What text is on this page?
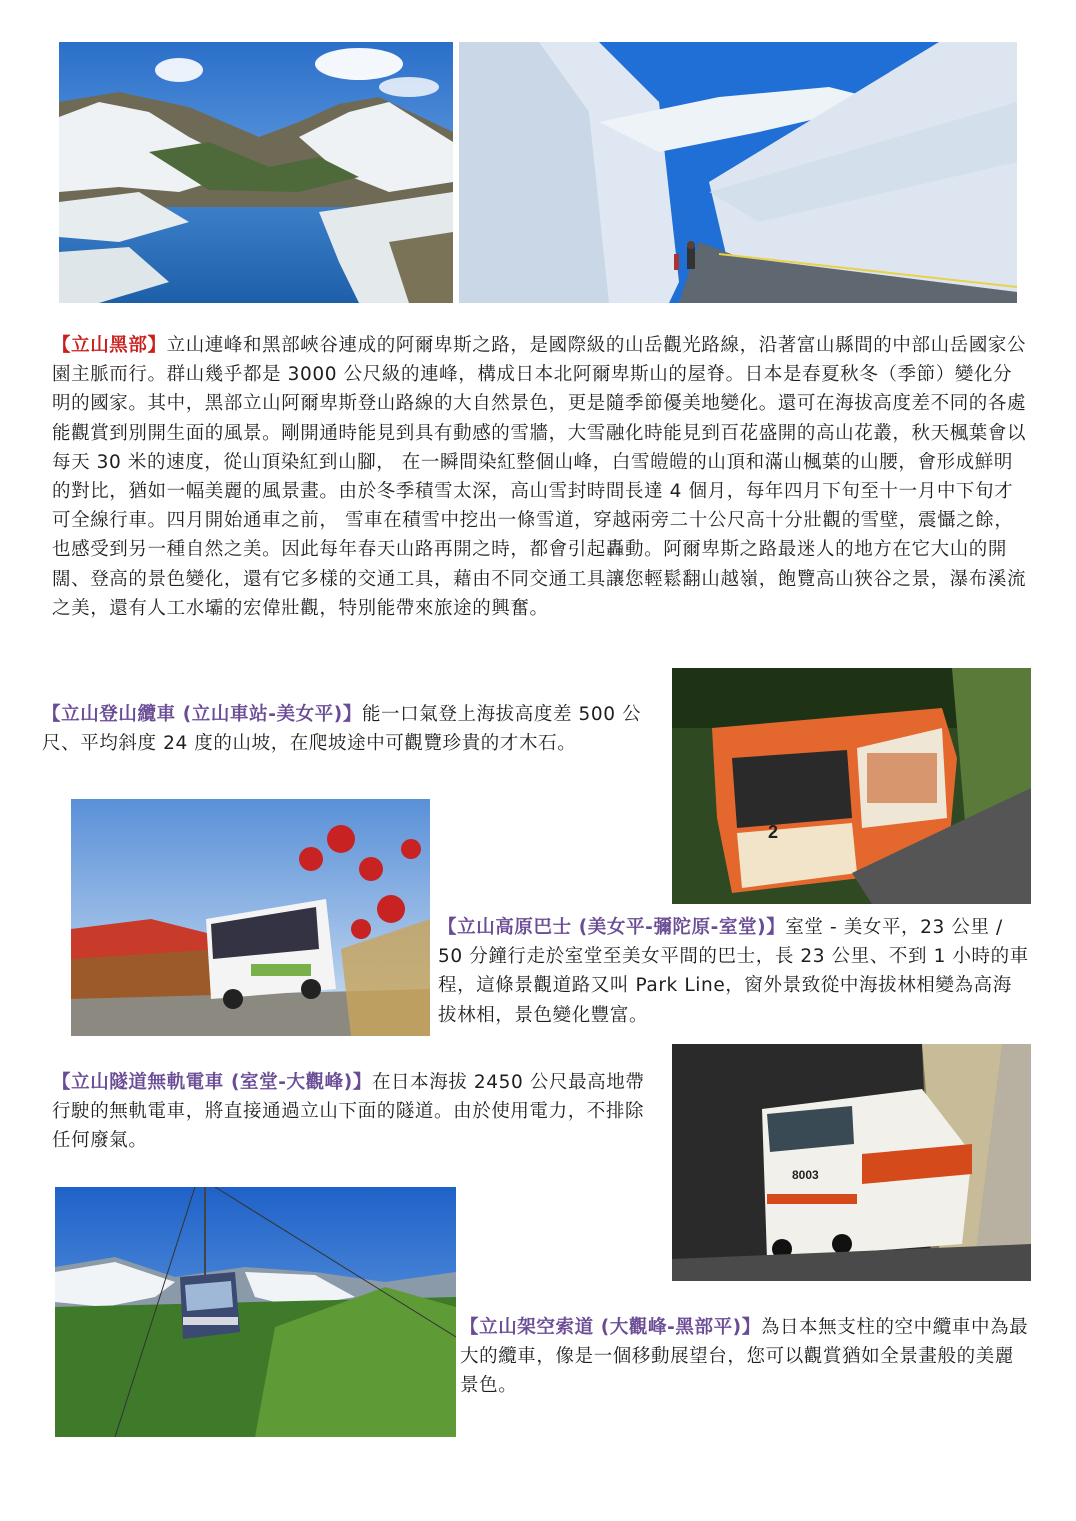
【立山黑部】立山連峰和黑部峽谷連成的阿爾卑斯之路，是國際級的山岳觀光路線，沿著富山縣間的中部山岳國家公園主脈而行。群山幾乎都是 3000 公尺級的連峰，構成日本北阿爾卑斯山的屋脊。日本是春夏秋冬（季節）變化分明的國家。其中，黑部立山阿爾卑斯登山路線的大自然景色，更是隨季節優美地變化。還可在海拔高度差不同的各處能觀賞到別開生面的風景。剛開通時能見到具有動感的雪牆，大雪融化時能見到百花盛開的高山花叢，秋天楓葉會以每天 30 米的速度，從山頂染紅到山腳， 在一瞬間染紅整個山峰，白雪皚皚的山頂和滿山楓葉的山腰，會形成鮮明的對比，猶如一幅美麗的風景畫。由於冬季積雪太深，高山雪封時間長達 4 個月，每年四月下旬至十一月中下旬才可全線行車。四月開始通車之前， 雪車在積雪中挖出一條雪道，穿越兩旁二十公尺高十分壯觀的雪壁，震懾之餘，也感受到另一種自然之美。因此每年春天山路再開之時，都會引起轟動。阿爾卑斯之路最迷人的地方在它大山的開闊、登高的景色變化，還有它多樣的交通工具，藉由不同交通工具讓您輕鬆翻山越嶺，飽覽高山狹谷之景，瀑布溪流之美，還有人工水壩的宏偉壯觀，特別能帶來旅途的興奮。
【立山登山纜車 (立山車站-美女平)】能一口氣登上海拔高度差 500 公尺、平均斜度 24 度的山坡，在爬坡途中可觀覽珍貴的才木石。
2
【立山高原巴士 (美女平-彌陀原-室堂)】室堂 - 美女平，23 公里 / 50 分鐘行走於室堂至美女平間的巴士，長 23 公里、不到 1 小時的車程，這條景觀道路又叫 Park Line，窗外景致從中海拔林相變為高海拔林相，景色變化豐富。
【立山隧道無軌電車 (室堂-大觀峰)】在日本海拔 2450 公尺最高地帶行駛的無軌電車，將直接通過立山下面的隧道。由於使用電力，不排除任何廢氣。
8003
【立山架空索道 (大觀峰-黑部平)】為日本無支柱的空中纜車中為最大的纜車，像是一個移動展望台，您可以觀賞猶如全景畫般的美麗景色。
